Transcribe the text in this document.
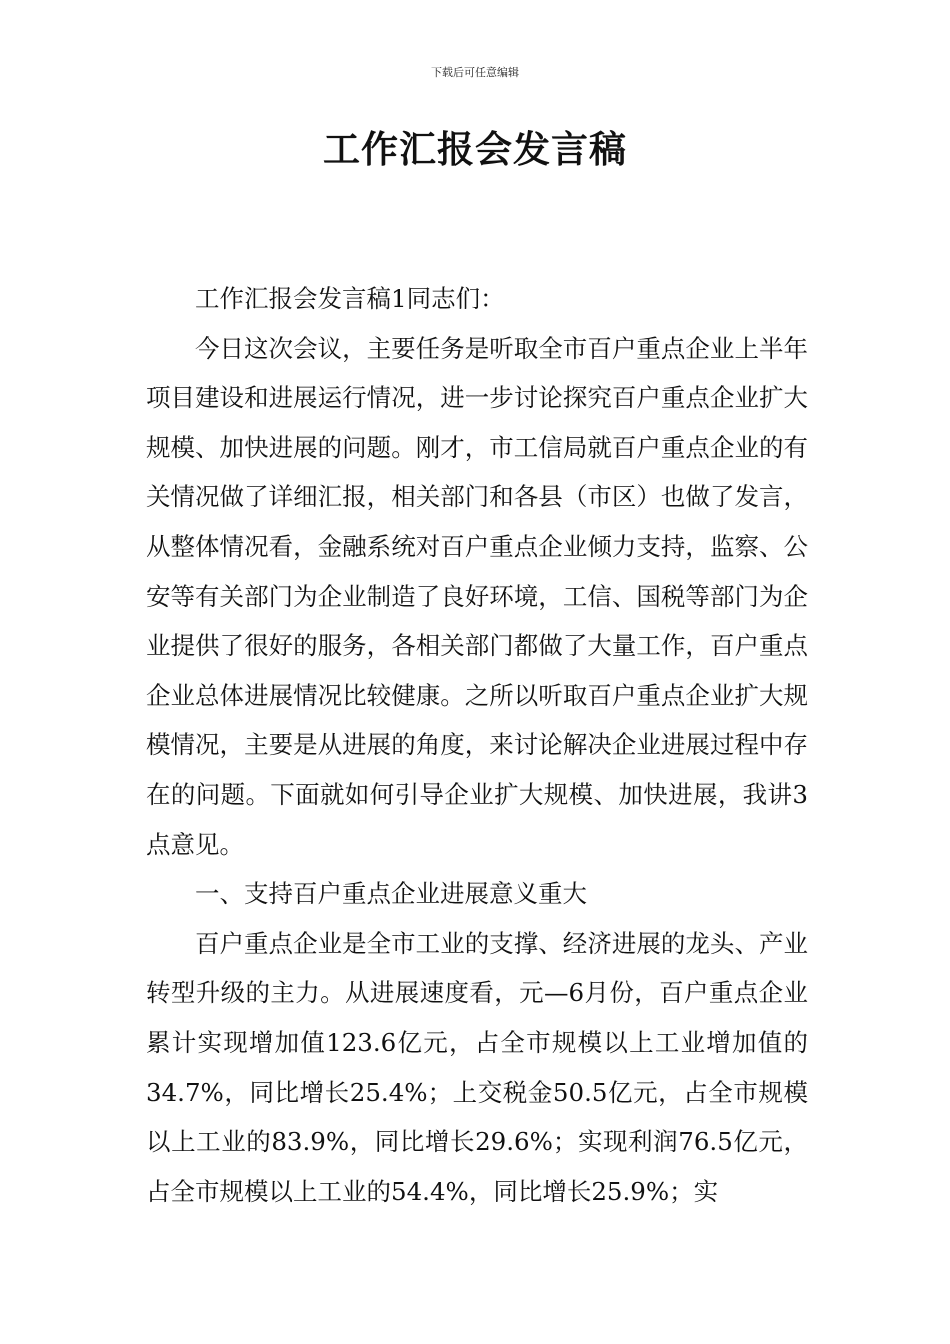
下载后可任意编辑
工作汇报会发言稿

工作汇报会发言稿1同志们：

今日这次会议，主要任务是听取全市百户重点企业上半年项目建设和进展运行情况，进一步讨论探究百户重点企业扩大规模、加快进展的问题。刚才，市工信局就百户重点企业的有关情况做了详细汇报，相关部门和各县（市区）也做了发言，从整体情况看，金融系统对百户重点企业倾力支持，监察、公安等有关部门为企业制造了良好环境，工信、国税等部门为企业提供了很好的服务，各相关部门都做了大量工作，百户重点企业总体进展情况比较健康。之所以听取百户重点企业扩大规模情况，主要是从进展的角度，来讨论解决企业进展过程中存在的问题。下面就如何引导企业扩大规模、加快进展，我讲3点意见。

一、支持百户重点企业进展意义重大

百户重点企业是全市工业的支撑、经济进展的龙头、产业转型升级的主力。从进展速度看，元—6月份，百户重点企业累计实现增加值123.6亿元，占全市规模以上工业增加值的34.7%，同比增长25.4%；上交税金50.5亿元，占全市规模以上工业的83.9%，同比增长29.6%；实现利润76.5亿元，占全市规模以上工业的54.4%，同比增长25.9%；实
